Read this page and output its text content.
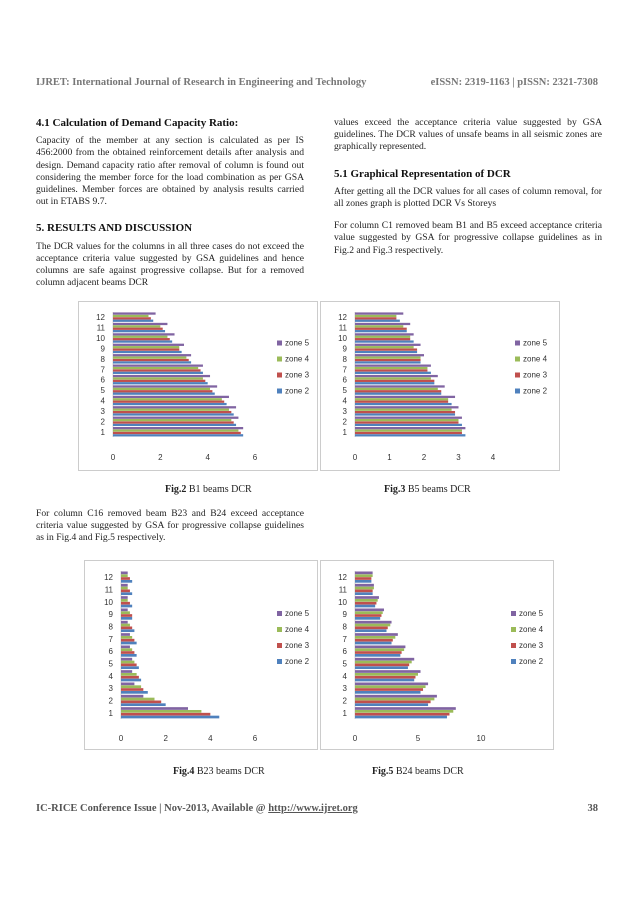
IJRET: International Journal of Research in Engineering and Technology	eISSN: 2319-1163 | pISSN: 2321-7308
4.1 Calculation of Demand Capacity Ratio:

Capacity of the member at any section is calculated as per IS 456:2000 from the obtained reinforcement details after analysis and design. Demand capacity ratio after removal of column is found out considering the member force for the load combination as per GSA guidelines. Member forces are obtained by analysis results carried out in ETABS 9.7.

5. RESULTS AND DISCUSSION

The DCR values for the columns in all three cases do not exceed the acceptance criteria value suggested by GSA guidelines and hence columns are safe against progressive collapse. But for a removed column adjacent beams DCR

values exceed the acceptance criteria value suggested by GSA guidelines. The DCR values of unsafe beams in all seismic zones are graphically represented.

5.1 Graphical Representation of DCR

After getting all the DCR values for all cases of column removal, for all zones graph is plotted DCR Vs Storeys

For column C1 removed beam B1 and B5 exceed acceptance criteria value suggested by GSA for progressive collapse guidelines as in Fig.2 and Fig.3 respectively.

1
2
3
4
5
6
7
8
9
10
11
12
0	2	4	6
zone 5
zone 4
zone 3
zone 2
1
2
3
4
5
6
7
8
9
10
11
12
0	1	2	3	4
zone 5
zone 4
zone 3
zone 2
Fig.2 B1 beams DCR	Fig.3 B5 beams DCR

For column C16 removed beam B23 and B24 exceed acceptance criteria value suggested by GSA for progressive collapse guidelines as in Fig.4 and Fig.5 respectively.

1
2
3
4
5
6
7
8
9
10
11
12
0	2	4	6
zone 5
zone 4
zone 3
zone 2
1
2
3
4
5
6
7
8
9
10
11
12
0	5	10
zone 5
zone 4
zone 3
zone 2
Fig.4 B23 beams DCR	Fig.5 B24 beams DCR
IC-RICE Conference Issue | Nov-2013, Available @ http://www.ijret.org	38
